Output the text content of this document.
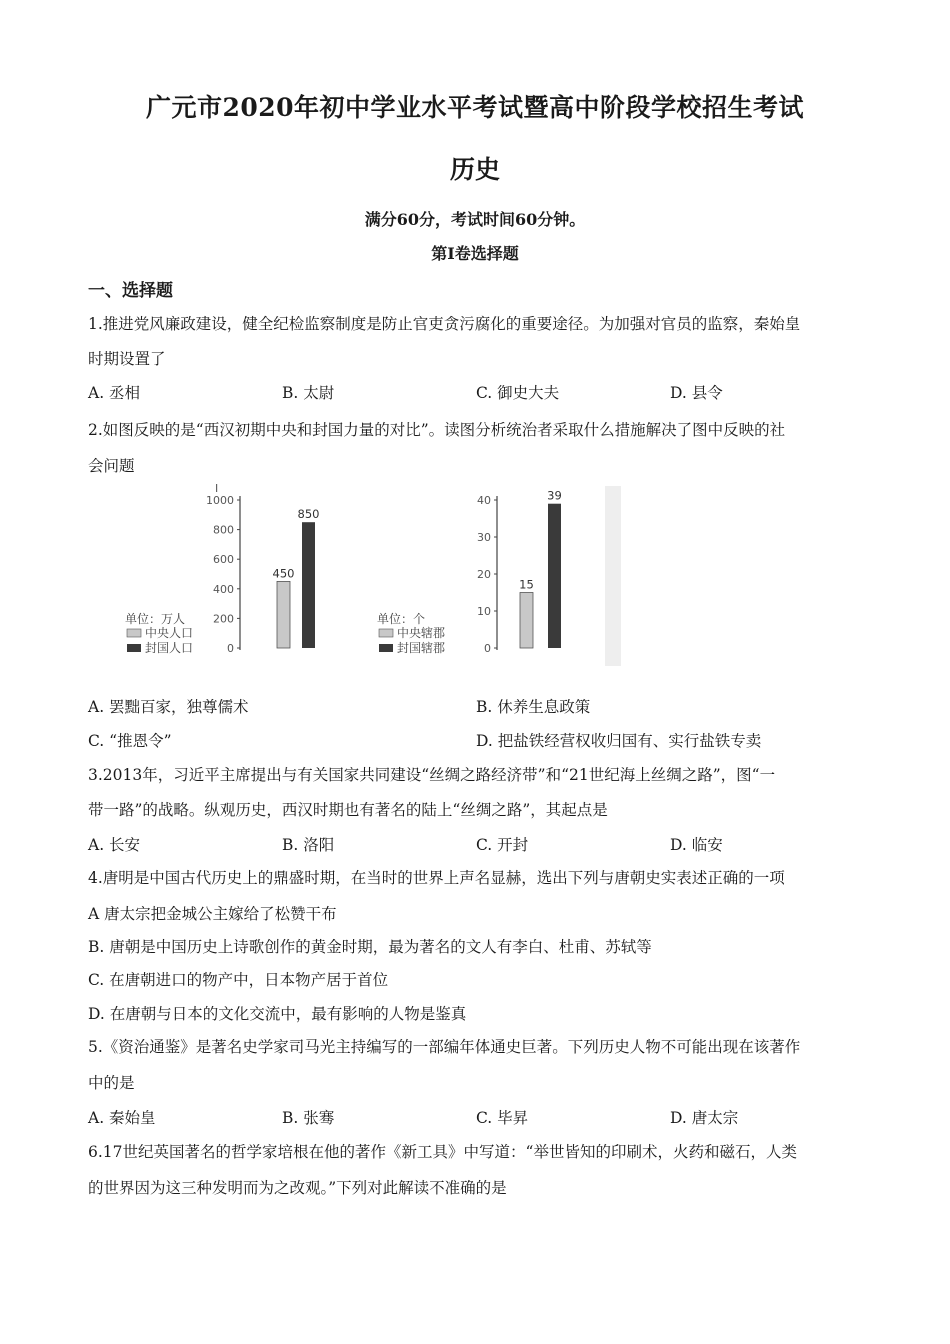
广元市2020年初中学业水平考试暨高中阶段学校招生考试
历史
满分60分，考试时间60分钟。
第Ⅰ卷选择题
一、选择题
1.推进党风廉政建设，健全纪检监察制度是防止官吏贪污腐化的重要途径。为加强对官员的监察，秦始皇
时期设置了
A. 丞相	B. 太尉	C. 御史大夫	D. 县令
2.如图反映的是“西汉初期中央和封国力量的对比”。读图分析统治者采取什么措施解决了图中反映的社
会问题
0
200
400
600
800
1000
450
850
I
单位：万人
中央人口
封国人口	0
10
20
30
40
15
39
单位：个
中央辖郡
封国辖郡
A. 罢黜百家，独尊儒术	B. 休养生息政策
C. “推恩令”	D. 把盐铁经营权收归国有、实行盐铁专卖
3.2013年，习近平主席提出与有关国家共同建设“丝绸之路经济带”和“21世纪海上丝绸之路”，图“一
带一路”的战略。纵观历史，西汉时期也有著名的陆上“丝绸之路”，其起点是
A. 长安	B. 洛阳	C. 开封	D. 临安
4.唐明是中国古代历史上的鼎盛时期，在当时的世界上声名显赫，选出下列与唐朝史实表述正确的一项
A 唐太宗把金城公主嫁给了松赞干布
B. 唐朝是中国历史上诗歌创作的黄金时期，最为著名的文人有李白、杜甫、苏轼等
C. 在唐朝进口的物产中，日本物产居于首位
D. 在唐朝与日本的文化交流中，最有影响的人物是鉴真
5.《资治通鉴》是著名史学家司马光主持编写的一部编年体通史巨著。下列历史人物不可能出现在该著作
中的是
A. 秦始皇	B. 张骞	C. 毕昇	D. 唐太宗
6.17世纪英国著名的哲学家培根在他的著作《新工具》中写道：“举世皆知的印刷术，火药和磁石，人类
的世界因为这三种发明而为之改观。”下列对此解读不准确的是
